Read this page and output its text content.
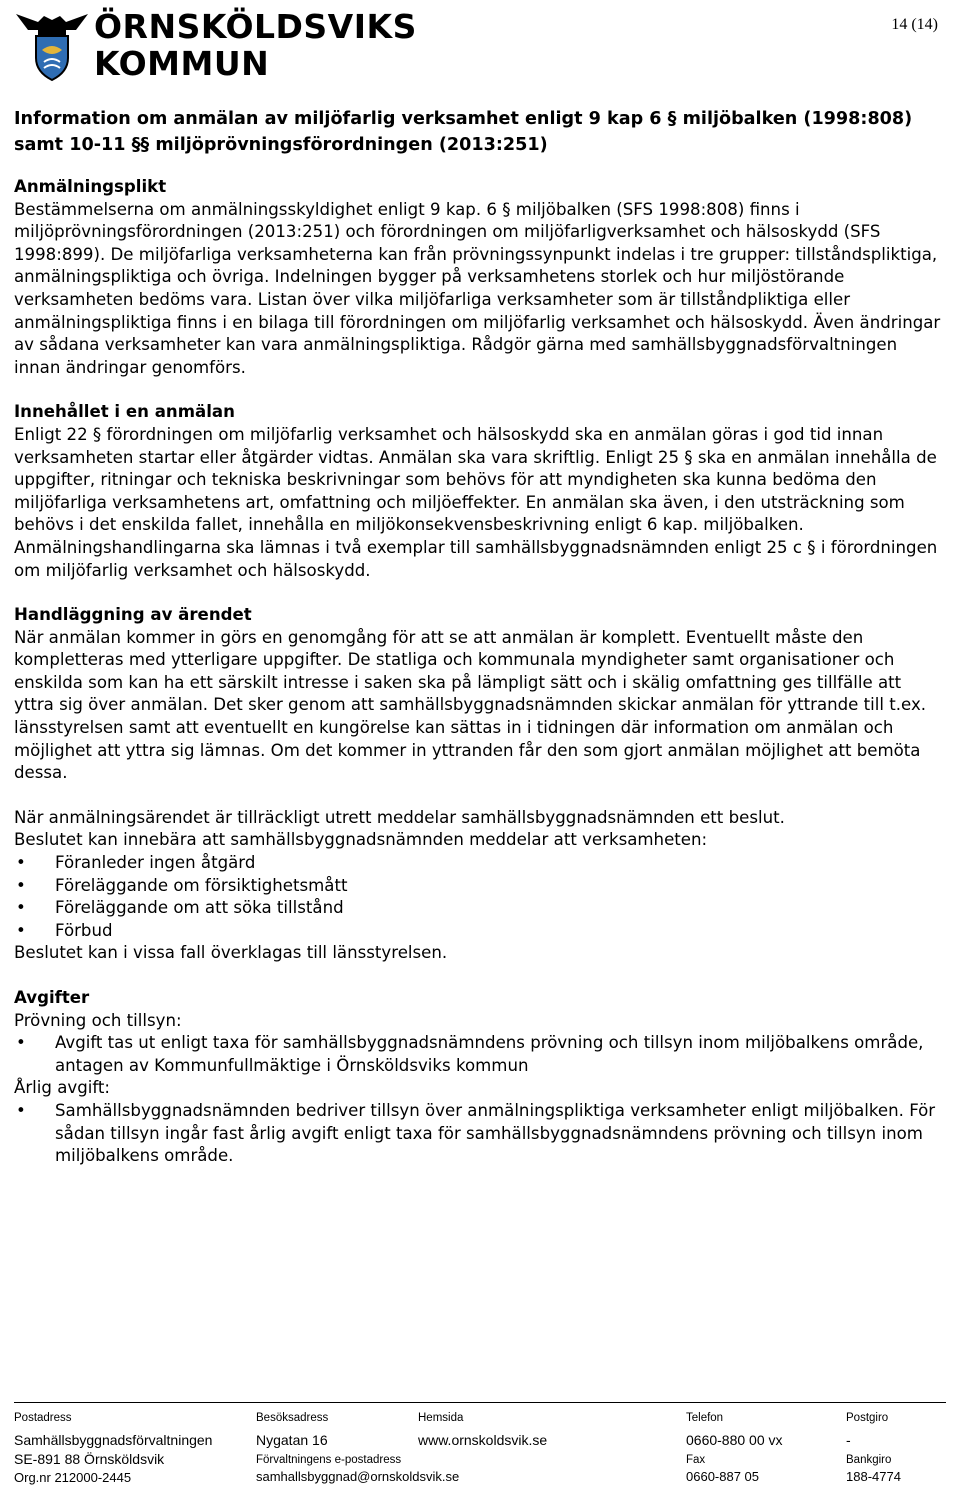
ÖRNSKÖLDSVIKS
KOMMUN
14 (14)
Information om anmälan av miljöfarlig verksamhet enligt 9 kap 6 § miljöbalken (1998:808) samt 10-11 §§ miljöprövningsförordningen (2013:251)

Anmälningsplikt

Bestämmelserna om anmälningsskyldighet enligt 9 kap. 6 § miljöbalken (SFS 1998:808) finns i miljöprövningsförordningen (2013:251) och förordningen om miljöfarligverksamhet och hälsoskydd (SFS 1998:899). De miljöfarliga verksamheterna kan från prövningssynpunkt indelas i tre grupper: tillståndspliktiga, anmälningspliktiga och övriga. Indelningen bygger på verksamhetens storlek och hur miljöstörande verksamheten bedöms vara. Listan över vilka miljöfarliga verksamheter som är tillståndpliktiga eller anmälningspliktiga finns i en bilaga till förordningen om miljöfarlig verksamhet och hälsoskydd. Även ändringar av sådana verksamheter kan vara anmälningspliktiga. Rådgör gärna med samhällsbyggnadsförvaltningen innan ändringar genomförs.

Innehållet i en anmälan

Enligt 22 § förordningen om miljöfarlig verksamhet och hälsoskydd ska en anmälan göras i god tid innan verksamheten startar eller åtgärder vidtas. Anmälan ska vara skriftlig. Enligt 25 § ska en anmälan innehålla de uppgifter, ritningar och tekniska beskrivningar som behövs för att myndigheten ska kunna bedöma den miljöfarliga verksamhetens art, omfattning och miljöeffekter. En anmälan ska även, i den utsträckning som behövs i det enskilda fallet, innehålla en miljökonsekvensbeskrivning enligt 6 kap. miljöbalken. Anmälningshandlingarna ska lämnas i två exemplar till samhällsbyggnadsnämnden enligt 25 c § i förordningen om miljöfarlig verksamhet och hälsoskydd.

Handläggning av ärendet

När anmälan kommer in görs en genomgång för att se att anmälan är komplett. Eventuellt måste den kompletteras med ytterligare uppgifter. De statliga och kommunala myndigheter samt organisationer och enskilda som kan ha ett särskilt intresse i saken ska på lämpligt sätt och i skälig omfattning ges tillfälle att yttra sig över anmälan. Det sker genom att samhällsbyggnadsnämnden skickar anmälan för yttrande till t.ex. länsstyrelsen samt att eventuellt en kungörelse kan sättas in i tidningen där information om anmälan och möjlighet att yttra sig lämnas. Om det kommer in yttranden får den som gjort anmälan möjlighet att bemöta dessa.

När anmälningsärendet är tillräckligt utrett meddelar samhällsbyggnadsnämnden ett beslut.

Beslutet kan innebära att samhällsbyggnadsnämnden meddelar att verksamheten:

• Föranleder ingen åtgärd
• Föreläggande om försiktighetsmått
• Föreläggande om att söka tillstånd
• Förbud

Beslutet kan i vissa fall överklagas till länsstyrelsen.

Avgifter

Prövning och tillsyn:

• Avgift tas ut enligt taxa för samhällsbyggnadsnämndens prövning och tillsyn inom miljöbalkens område, antagen av Kommunfullmäktige i Örnsköldsviks kommun

Årlig avgift:

• Samhällsbyggnadsnämnden bedriver tillsyn över anmälningspliktiga verksamheter enligt miljöbalken. För sådan tillsyn ingår fast årlig avgift enligt taxa för samhällsbyggnadsnämndens prövning och tillsyn inom miljöbalkens område.
Postadress
Samhällsbyggnadsförvaltningen
SE-891 88 Örnsköldsvik
Org.nr 212000-2445
Besöksadress
Nygatan 16
Förvaltningens e-postadress
samhallsbyggnad@ornskoldsvik.se
Hemsida
www.ornskoldsvik.se
Telefon
0660-880 00 vx
Fax
0660-887 05
Postgiro
-
Bankgiro
188-4774
